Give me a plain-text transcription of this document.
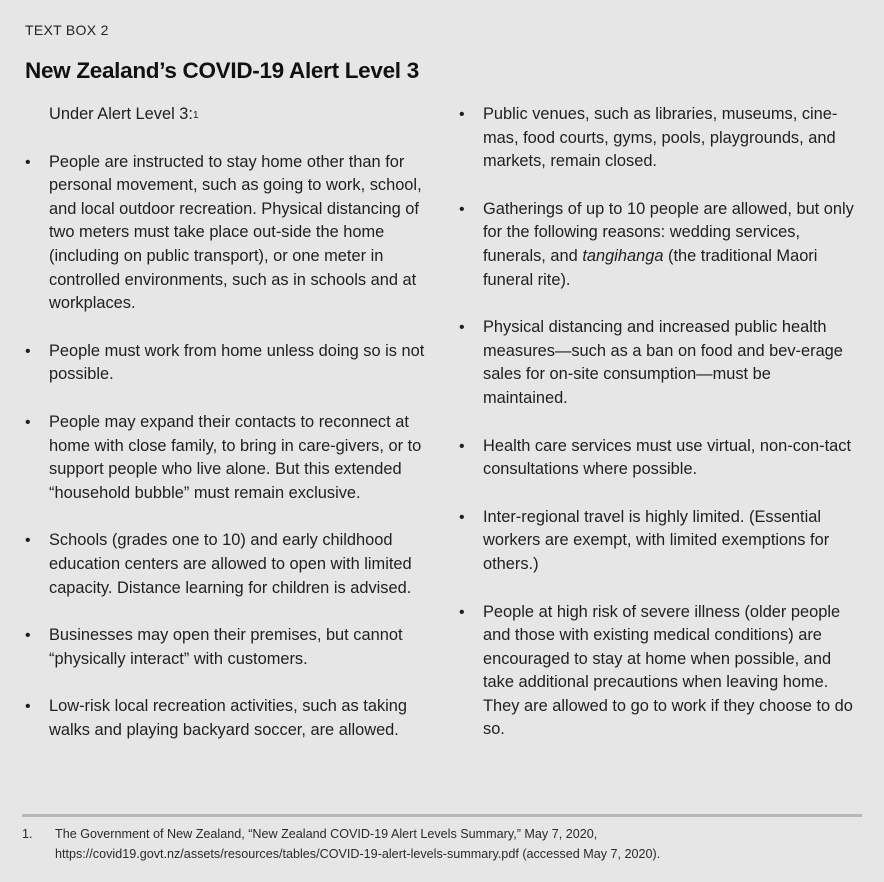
TEXT BOX 2
New Zealand’s COVID-19 Alert Level 3

Under Alert Level 3:$^1$

•	People are instructed to stay home other than for personal movement, such as going to work, school, and local outdoor recreation. Physical distancing of two meters must take place out-side the home (including on public transport), or one meter in controlled environments, such as in schools and at workplaces.
•	People must work from home unless doing so is not possible.
•	People may expand their contacts to reconnect at home with close family, to bring in care-givers, or to support people who live alone. But this extended “household bubble” must remain exclusive.
•	Schools (grades one to 10) and early childhood education centers are allowed to open with limited capacity. Distance learning for children is advised.
•	Businesses may open their premises, but cannot “physically interact” with customers.
•	Low-risk local recreation activities, such as taking walks and playing backyard soccer, are allowed.
•	Public venues, such as libraries, museums, cine-mas, food courts, gyms, pools, playgrounds, and markets, remain closed.
•	Gatherings of up to 10 people are allowed, but only for the following reasons: wedding services, funerals, and tangihanga (the traditional Maori funeral rite).
•	Physical distancing and increased public health measures—such as a ban on food and bev-erage sales for on-site consumption—must be maintained.
•	Health care services must use virtual, non-con-tact consultations where possible.
•	Inter-regional travel is highly limited. (Essential workers are exempt, with limited exemptions for others.)
•	People at high risk of severe illness (older people and those with existing medical conditions) are encouraged to stay at home when possible, and take additional precautions when leaving home. They are allowed to go to work if they choose to do so.
1. The Government of New Zealand, “New Zealand COVID-19 Alert Levels Summary,” May 7, 2020, https://covid19.govt.nz/assets/resources/tables/COVID-19-alert-levels-summary.pdf (accessed May 7, 2020).
